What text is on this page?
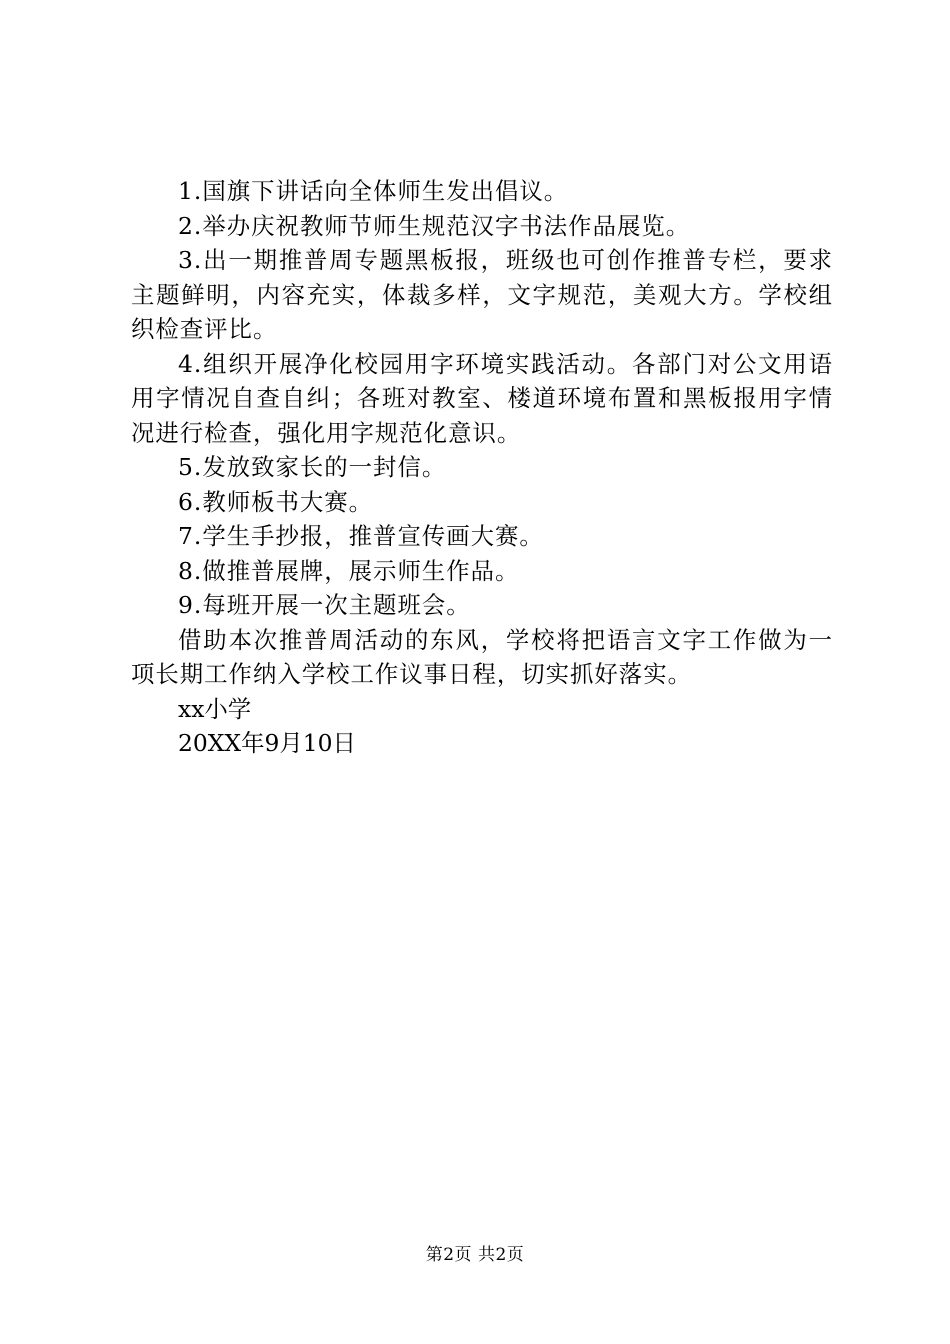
1.国旗下讲话向全体师生发出倡议。

2.举办庆祝教师节师生规范汉字书法作品展览。

3.出一期推普周专题黑板报，班级也可创作推普专栏，要求主题鲜明，内容充实，体裁多样，文字规范，美观大方。学校组织检查评比。

4.组织开展净化校园用字环境实践活动。各部门对公文用语用字情况自查自纠；各班对教室、楼道环境布置和黑板报用字情况进行检查，强化用字规范化意识。

5.发放致家长的一封信。

6.教师板书大赛。

7.学生手抄报，推普宣传画大赛。

8.做推普展牌，展示师生作品。

9.每班开展一次主题班会。

借助本次推普周活动的东风，学校将把语言文字工作做为一项长期工作纳入学校工作议事日程，切实抓好落实。

xx小学

20XX年9月10日

第2页 共2页
